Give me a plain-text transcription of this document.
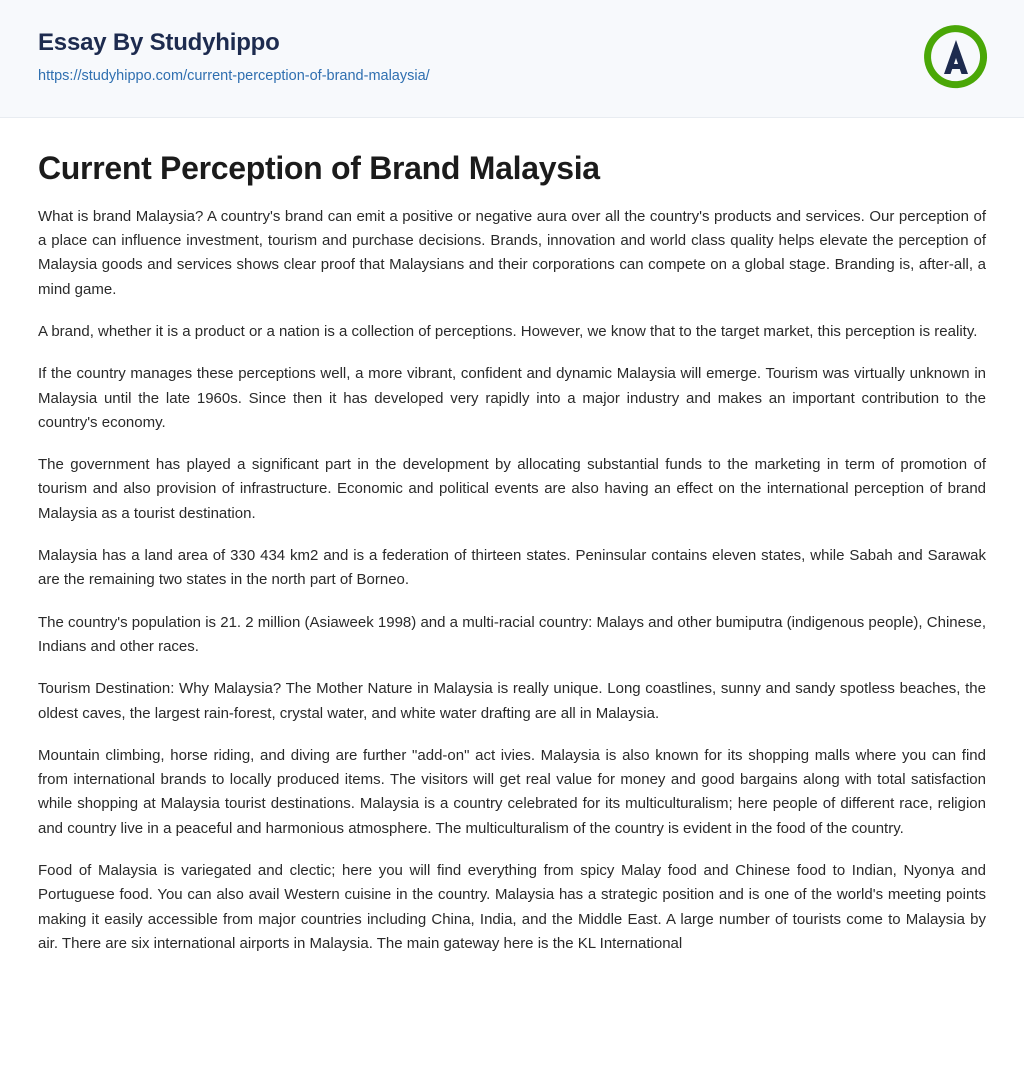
Essay By Studyhippo
https://studyhippo.com/current-perception-of-brand-malaysia/
Current Perception of Brand Malaysia

What is brand Malaysia? A country's brand can emit a positive or negative aura over all the country's products and services. Our perception of a place can influence investment, tourism and purchase decisions. Brands, innovation and world class quality helps elevate the perception of Malaysia goods and services shows clear proof that Malaysians and their corporations can compete on a global stage. Branding is, after-all, a mind game.

A brand, whether it is a product or a nation is a collection of perceptions. However, we know that to the target market, this perception is reality.

If the country manages these perceptions well, a more vibrant, confident and dynamic Malaysia will emerge. Tourism was virtually unknown in Malaysia until the late 1960s. Since then it has developed very rapidly into a major industry and makes an important contribution to the country's economy.

The government has played a significant part in the development by allocating substantial funds to the marketing in term of promotion of tourism and also provision of infrastructure. Economic and political events are also having an effect on the international perception of brand Malaysia as a tourist destination.

Malaysia has a land area of 330 434 km2 and is a federation of thirteen states. Peninsular contains eleven states, while Sabah and Sarawak are the remaining two states in the north part of Borneo.

The country's population is 21. 2 million (Asiaweek 1998) and a multi-racial country: Malays and other bumiputra (indigenous people), Chinese, Indians and other races.

Tourism Destination: Why Malaysia? The Mother Nature in Malaysia is really unique. Long coastlines, sunny and sandy spotless beaches, the oldest caves, the largest rain-forest, crystal water, and white water drafting are all in Malaysia.

Mountain climbing, horse riding, and diving are further "add-on" act ivies. Malaysia is also known for its shopping malls where you can find from international brands to locally produced items. The visitors will get real value for money and good bargains along with total satisfaction while shopping at Malaysia tourist destinations. Malaysia is a country celebrated for its multiculturalism; here people of different race, religion and country live in a peaceful and harmonious atmosphere. The multiculturalism of the country is evident in the food of the country.

Food of Malaysia is variegated and clectic; here you will find everything from spicy Malay food and Chinese food to Indian, Nyonya and Portuguese food. You can also avail Western cuisine in the country. Malaysia has a strategic position and is one of the world's meeting points making it easily accessible from major countries including China, India, and the Middle East. A large number of tourists come to Malaysia by air. There are six international airports in Malaysia. The main gateway here is the KL International
